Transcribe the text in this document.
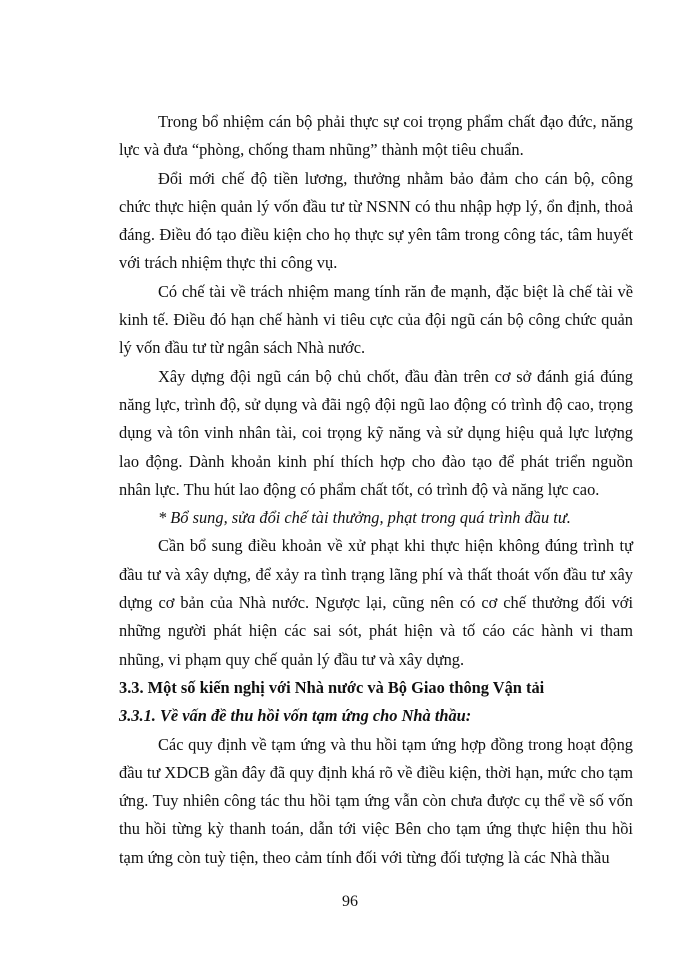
Trong bổ nhiệm cán bộ phải thực sự coi trọng phẩm chất đạo đức, năng lực và đưa “phòng, chống tham nhũng” thành một tiêu chuẩn.

Đổi mới chế độ tiền lương, thưởng nhằm bảo đảm cho cán bộ, công chức thực hiện quản lý vốn đầu tư từ NSNN có thu nhập hợp lý, ổn định, thoả đáng. Điều đó tạo điều kiện cho họ thực sự yên tâm trong công tác, tâm huyết với trách nhiệm thực thi công vụ.

Có chế tài về trách nhiệm mang tính răn đe mạnh, đặc biệt là chế tài về kinh tế. Điều đó hạn chế hành vi tiêu cực của đội ngũ cán bộ công chức quản lý vốn đầu tư từ ngân sách Nhà nước.

Xây dựng đội ngũ cán bộ chủ chốt, đầu đàn trên cơ sở đánh giá đúng năng lực, trình độ, sử dụng và đãi ngộ đội ngũ lao động có trình độ cao, trọng dụng và tôn vinh nhân tài, coi trọng kỹ năng và sử dụng hiệu quả lực lượng lao động. Dành khoản kinh phí thích hợp cho đào tạo để phát triển nguồn nhân lực. Thu hút lao động có phẩm chất tốt, có trình độ và năng lực cao.

* Bổ sung, sửa đổi chế tài thưởng, phạt trong quá trình đầu tư.

Cần bổ sung điều khoản về xử phạt khi thực hiện không đúng trình tự đầu tư và xây dựng, để xảy ra tình trạng lãng phí và thất thoát vốn đầu tư xây dựng cơ bản của Nhà nước. Ngược lại, cũng nên có cơ chế thưởng đối với những người phát hiện các sai sót, phát hiện và tố cáo các hành vi tham nhũng, vi phạm quy chế quản lý đầu tư và xây dựng.

3.3. Một số kiến nghị với Nhà nước và Bộ Giao thông Vận tải

3.3.1. Về vấn đề thu hồi vốn tạm ứng cho Nhà thầu:

Các quy định về tạm ứng và thu hồi tạm ứng hợp đồng trong hoạt động đầu tư XDCB gần đây đã quy định khá rõ về điều kiện, thời hạn, mức cho tạm ứng. Tuy nhiên công tác thu hồi tạm ứng vẫn còn chưa được cụ thể về số vốn thu hồi từng kỳ thanh toán, dẫn tới việc Bên cho tạm ứng thực hiện thu hồi tạm ứng còn tuỳ tiện, theo cảm tính đối với từng đối tượng là các Nhà thầu

96
